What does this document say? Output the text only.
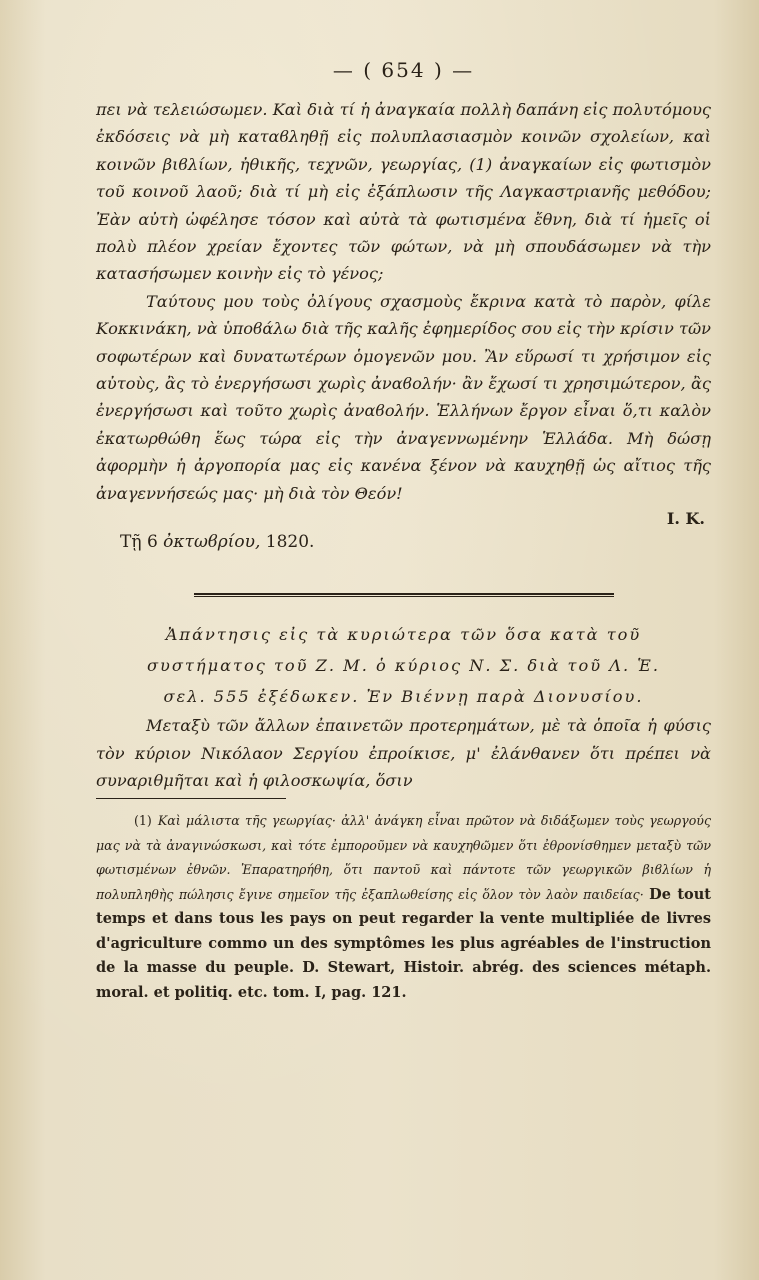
— ( 654 ) —

πει νὰ τελειώσωμεν. Καὶ διὰ τί ἡ ἀναγκαία πολλὴ δαπάνη εἰς πολυτόμους ἐκδόσεις νὰ μὴ καταϐληθῇ εἰς πολυπλασιασμὸν κοινῶν σχολείων, καὶ κοινῶν βιϐλίων, ἠθικῆς, τεχνῶν, γεωργίας, (1) ἀναγκαίων εἰς φωτισμὸν τοῦ κοινοῦ λαοῦ; διὰ τί μὴ εἰς ἐξάπλωσιν τῆς Λαγκαστριανῆς μεθόδου; Ἐὰν αὐτὴ ὠφέλησε τόσον καὶ αὐτὰ τὰ φωτισμένα ἔθνη, διὰ τί ἡμεῖς οἱ πολὺ πλέον χρείαν ἔχοντες τῶν φώτων, νὰ μὴ σπουδάσωμεν νὰ τὴν κατασήσωμεν κοινὴν εἰς τὸ γένος;

Ταύτους μου τοὺς ὀλίγους σχασμοὺς ἔκρινα κατὰ τὸ παρὸν, φίλε Κοκκινάκη, νὰ ὑποϐάλω διὰ τῆς καλῆς ἐφημερίδος σου εἰς τὴν κρίσιν τῶν σοφωτέρων καὶ δυνατωτέρων ὁμογενῶν μου. Ἂν εὕρωσί τι χρήσιμον εἰς αὐτοὺς, ἂς τὸ ἐνεργήσωσι χωρὶς ἀναϐολήν· ἂν ἔχωσί τι χρησιμώτερον, ἂς ἐνεργήσωσι καὶ τοῦτο χωρὶς ἀναϐολήν. Ἑλλήνων ἔργον εἶναι ὅ,τι καλὸν ἐκατωρθώθη ἕως τώρα εἰς τὴν ἀναγεννωμένην Ἑλλάδα. Μὴ δώσῃ ἀφορμὴν ἡ ἀργοπορία μας εἰς κανένα ξένον νὰ καυχηθῇ ὡς αἴτιος τῆς ἀναγεννήσεώς μας· μὴ διὰ τὸν Θεόν!

I. K.
Τῇ 6 ὀκτωϐρίου, 1820.

Ἀπάντησις εἰς τὰ κυριώτερα τῶν ὅσα κατὰ τοῦ

συστήματος τοῦ Ζ. Μ. ὁ κύριος Ν. Σ. διὰ τοῦ Λ. Ἑ.

σελ. 555 ἐξέδωκεν. Ἐν Βιέννῃ παρὰ Διονυσίου.

Μεταξὺ τῶν ἄλλων ἐπαινετῶν προτερημάτων, μὲ τὰ ὁποῖα ἡ φύσις τὸν κύριον Νικόλαον Σεργίου ἐπροίκισε, μ' ἐλάνθανεν ὅτι πρέπει νὰ συναριθμῆται καὶ ἡ φιλοσκωψία, ὅσιν

(1) Καὶ μάλιστα τῆς γεωργίας· ἀλλ' ἀνάγκη εἶναι πρῶτον νὰ διδάξωμεν τοὺς γεωργούς μας νὰ τὰ ἀναγινώσκωσι, καὶ τότε ἐμποροῦμεν νὰ καυχηθῶμεν ὅτι ἐθρονίσθημεν μεταξὺ τῶν φωτισμένων ἐθνῶν. Ἐπαρατηρήθη, ὅτι παντοῦ καὶ πάντοτε τῶν γεωργικῶν βιϐλίων ἡ πολυπληθὴς πώλησις ἔγινε σημεῖον τῆς ἐξαπλωθείσης εἰς ὅλον τὸν λαὸν παιδείας· De tout temps et dans tous les pays on peut regarder la vente multipliée de livres d'agriculture commo un des symptômes les plus agréables de l'instruction de la masse du peuple. D. Stewart, Histoir. abrég. des sciences métaph. moral. et politiq. etc. tom. I, pag. 121.
